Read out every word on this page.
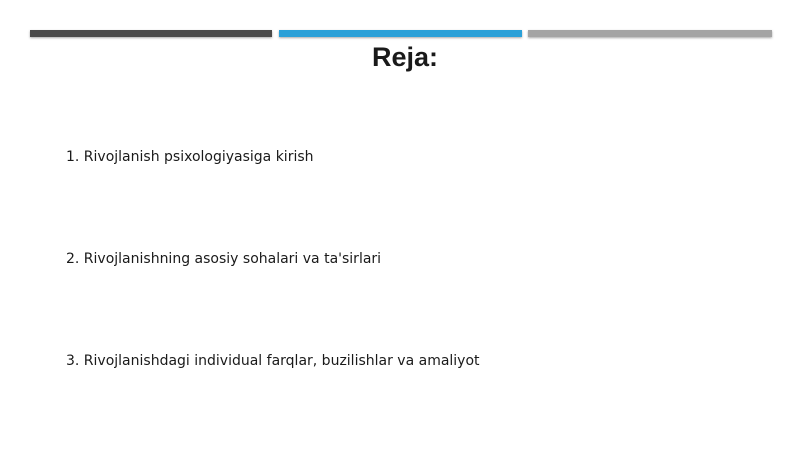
Reja:
1. Rivojlanish psixologiyasiga kirish
2. Rivojlanishning asosiy sohalari va ta'sirlari
3. Rivojlanishdagi individual farqlar, buzilishlar va amaliyot
